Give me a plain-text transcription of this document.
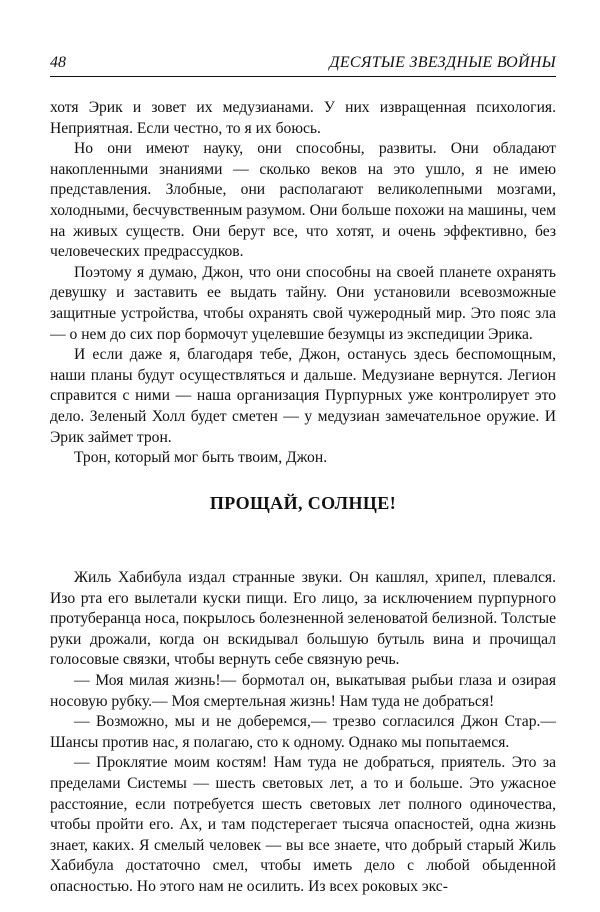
48	ДЕСЯТЫЕ ЗВЕЗДНЫЕ ВОЙНЫ

хотя Эрик и зовет их медузианами. У них извращенная психология. Неприятная. Если честно, то я их боюсь.

Но они имеют науку, они способны, развиты. Они обладают накопленными знаниями — сколько веков на это ушло, я не имею представления. Злобные, они располагают великолепными мозгами, холодными, бесчувственным разумом. Они больше похожи на машины, чем на живых существ. Они берут все, что хотят, и очень эффективно, без человеческих предрассудков.

Поэтому я думаю, Джон, что они способны на своей планете охранять девушку и заставить ее выдать тайну. Они установили всевозможные защитные устройства, чтобы охранять свой чужеродный мир. Это пояс зла — о нем до сих пор бормочут уцелевшие безумцы из экспедиции Эрика.

И если даже я, благодаря тебе, Джон, останусь здесь беспомощным, наши планы будут осуществляться и дальше. Медузиане вернутся. Легион справится с ними — наша организация Пурпурных уже контролирует это дело. Зеленый Холл будет сметен — у медузиан замечательное оружие. И Эрик займет трон.

Трон, который мог быть твоим, Джон.

ПРОЩАЙ, СОЛНЦЕ!

Жиль Хабибула издал странные звуки. Он кашлял, хрипел, плевался. Изо рта его вылетали куски пищи. Его лицо, за исключением пурпурного протуберанца носа, покрылось болезненной зеленоватой белизной. Толстые руки дрожали, когда он вскидывал большую бутыль вина и прочищал голосовые связки, чтобы вернуть себе связную речь.

— Моя милая жизнь!— бормотал он, выкатывая рыбьи глаза и озирая носовую рубку.— Моя смертельная жизнь! Нам туда не добраться!

— Возможно, мы и не доберемся,— трезво согласился Джон Стар.— Шансы против нас, я полагаю, сто к одному. Однако мы попытаемся.

— Проклятие моим костям! Нам туда не добраться, приятель. Это за пределами Системы — шесть световых лет, а то и больше. Это ужасное расстояние, если потребуется шесть световых лет полного одиночества, чтобы пройти его. Ах, и там подстерегает тысяча опасностей, одна жизнь знает, каких. Я смелый человек — вы все знаете, что добрый старый Жиль Хабибула достаточно смел, чтобы иметь дело с любой обыденной опасностью. Но этого нам не осилить. Из всех роковых экс-
